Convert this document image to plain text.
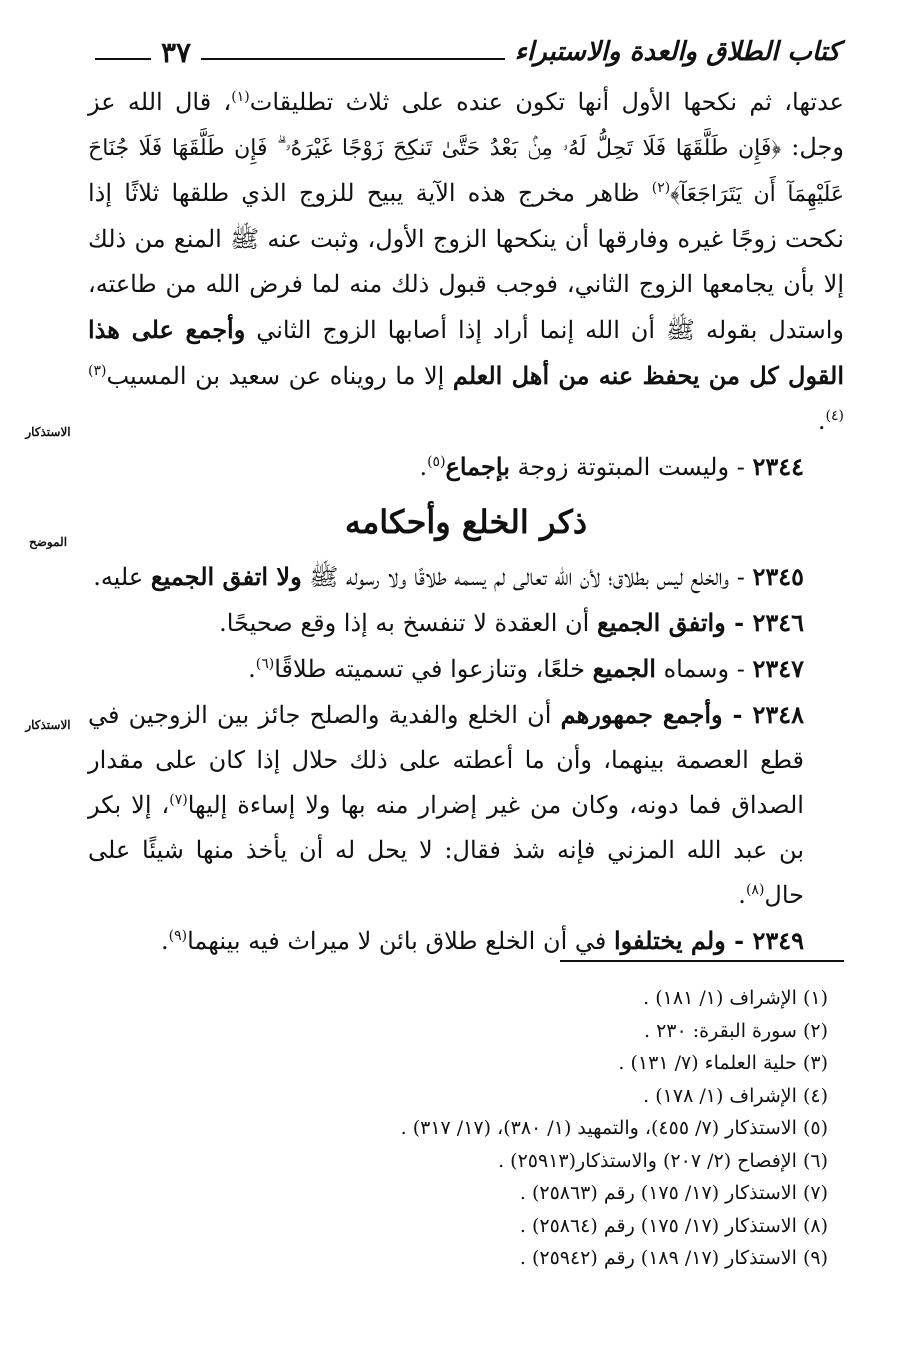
كتاب الطلاق والعدة والاستبراء
٣٧
الاستذكار
الموضح
الاستذكار

عدتها، ثم نكحها الأول أنها تكون عنده على ثلاث تطليقات$^{(١)}$، قال الله عز وجل: ﴿فَإِن طَلَّقَهَا فَلَا تَحِلُّ لَهُۥ مِنۢ بَعْدُ حَتَّىٰ تَنكِحَ زَوْجًا غَيْرَهُۥ ۗ فَإِن طَلَّقَهَا فَلَا جُنَاحَ عَلَيْهِمَآ أَن يَتَرَاجَعَآ﴾$^{(٢)}$ ظاهر مخرج هذه الآية يبيح للزوج الذي طلقها ثلاثًا إذا نكحت زوجًا غيره وفارقها أن ينكحها الزوج الأول، وثبت عنه ﷺ المنع من ذلك إلا بأن يجامعها الزوج الثاني، فوجب قبول ذلك منه لما فرض الله من طاعته، واستدل بقوله ﷺ أن الله إنما أراد إذا أصابها الزوج الثاني وأجمع على هذا القول كل من يحفظ عنه من أهل العلم إلا ما رويناه عن سعيد بن المسيب$^{(٣)(٤)}$.

٢٣٤٤ - وليست المبتوتة زوجة بإجماع$^{(٥)}$.

ذكر الخلع وأحكامه

٢٣٤٥ - والخلع ليس بطلاق؛ لأن الله تعالى لم يسمه طلاقًا ولا رسوله ﷺ ولا اتفق الجميع عليه.

٢٣٤٦ - واتفق الجميع أن العقدة لا تنفسخ به إذا وقع صحيحًا.

٢٣٤٧ - وسماه الجميع خلعًا، وتنازعوا في تسميته طلاقًا$^{(٦)}$.

٢٣٤٨ - وأجمع جمهورهم أن الخلع والفدية والصلح جائز بين الزوجين في قطع العصمة بينهما، وأن ما أعطته على ذلك حلال إذا كان على مقدار الصداق فما دونه، وكان من غير إضرار منه بها ولا إساءة إليها$^{(٧)}$، إلا بكر بن عبد الله المزني فإنه شذ فقال: لا يحل له أن يأخذ منها شيئًا على حال$^{(٨)}$.

٢٣٤٩ - ولم يختلفوا في أن الخلع طلاق بائن لا ميراث فيه بينهما$^{(٩)}$.

(١) الإشراف (١/ ١٨١) .
(٢) سورة البقرة: ٢٣٠ .
(٣) حلية العلماء (٧/ ١٣١) .
(٤) الإشراف (١/ ١٧٨) .
(٥) الاستذكار (٧/ ٤٥٥)، والتمهيد (١/ ٣٨٠)، (١٧/ ٣١٧) .
(٦) الإفصاح (٢/ ٢٠٧) والاستذكار(٢٥٩١٣) .
(٧) الاستذكار (١٧/ ١٧٥) رقم (٢٥٨٦٣) .
(٨) الاستذكار (١٧/ ١٧٥) رقم (٢٥٨٦٤) .
(٩) الاستذكار (١٧/ ١٨٩) رقم (٢٥٩٤٢) .
